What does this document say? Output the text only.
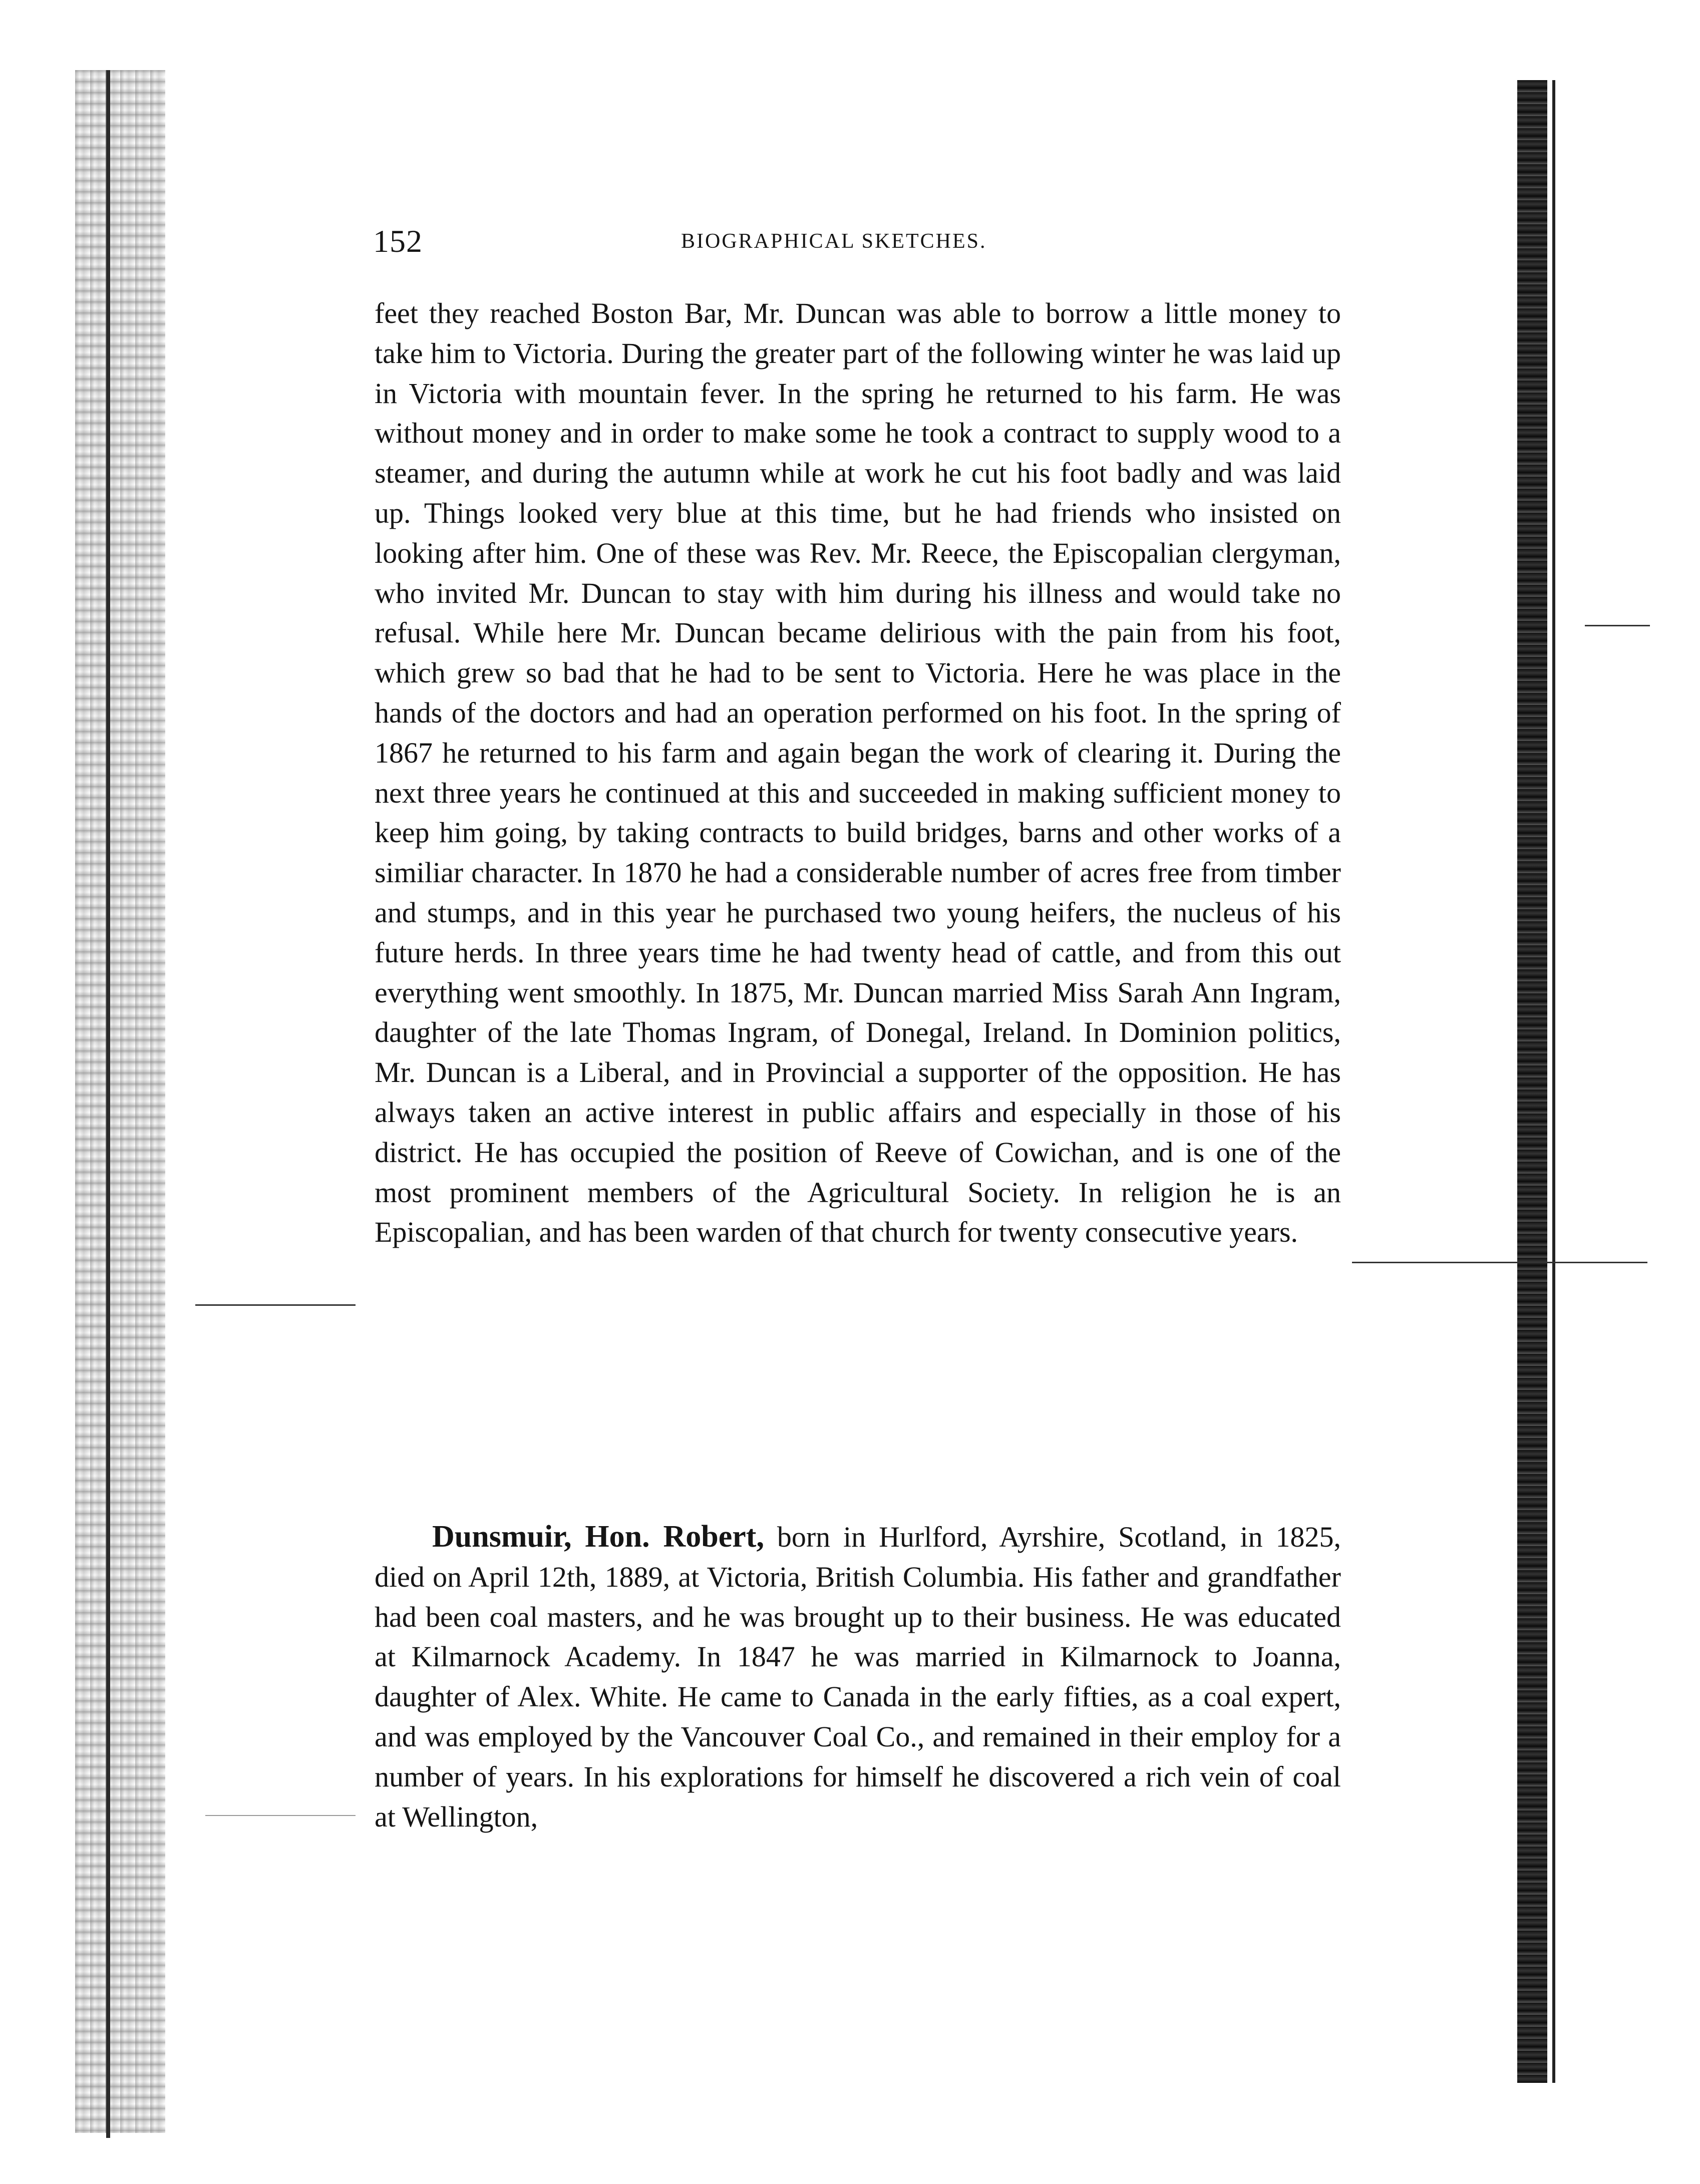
152	BIOGRAPHICAL SKETCHES.
feet they reached Boston Bar, Mr. Duncan was able to borrow a little money to take him to Victoria. During the greater part of the following winter he was laid up in Victoria with mountain fever. In the spring he returned to his farm. He was without money and in order to make some he took a contract to supply wood to a steamer, and during the autumn while at work he cut his foot badly and was laid up. Things looked very blue at this time, but he had friends who insisted on looking after him. One of these was Rev. Mr. Reece, the Episcopalian clergyman, who invited Mr. Duncan to stay with him during his illness and would take no refusal. While here Mr. Duncan became delirious with the pain from his foot, which grew so bad that he had to be sent to Victoria. Here he was place in the hands of the doctors and had an operation performed on his foot. In the spring of 1867 he returned to his farm and again began the work of clearing it. During the next three years he continued at this and succeeded in making sufficient money to keep him going, by taking contracts to build bridges, barns and other works of a similiar character. In 1870 he had a considerable number of acres free from timber and stumps, and in this year he purchased two young heifers, the nucleus of his future herds. In three years time he had twenty head of cattle, and from this out everything went smoothly. In 1875, Mr. Duncan married Miss Sarah Ann Ingram, daughter of the late Thomas Ingram, of Donegal, Ireland. In Dominion politics, Mr. Duncan is a Liberal, and in Provincial a supporter of the opposition. He has always taken an active interest in public affairs and especially in those of his district. He has occupied the position of Reeve of Cowichan, and is one of the most prominent members of the Agricultural Society. In religion he is an Episcopalian, and has been warden of that church for twenty consecutive years.
Dunsmuir, Hon. Robert, born in Hurlford, Ayrshire, Scotland, in 1825, died on April 12th, 1889, at Victoria, British Columbia. His father and grandfather had been coal masters, and he was brought up to their business. He was educated at Kilmarnock Academy. In 1847 he was married in Kilmarnock to Joanna, daughter of Alex. White. He came to Canada in the early fifties, as a coal expert, and was employed by the Vancouver Coal Co., and remained in their employ for a number of years. In his explorations for himself he discovered a rich vein of coal at Wellington,
